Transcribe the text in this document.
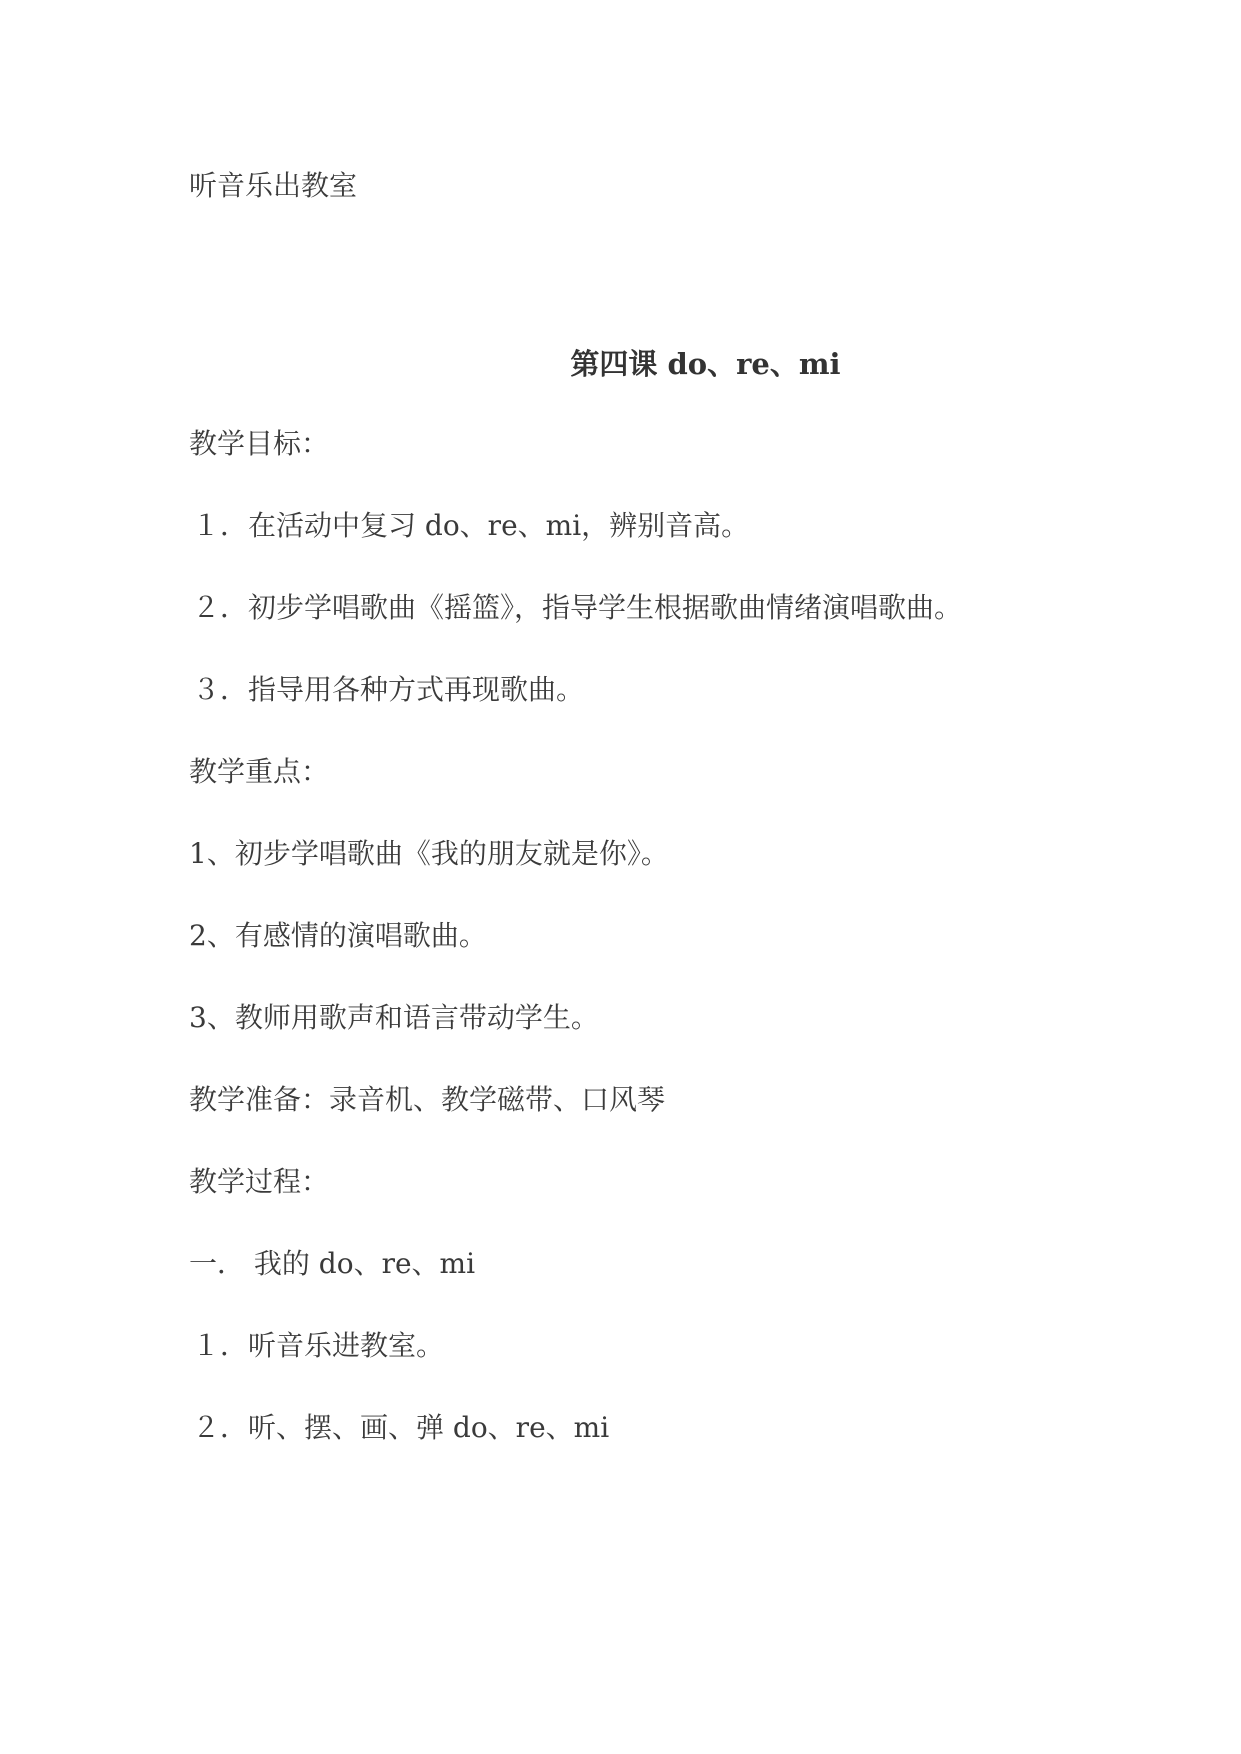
听音乐出教室
第四课 do、re、mi
教学目标：
１．在活动中复习 do、re、mi，辨别音高。
２．初步学唱歌曲《摇篮》，指导学生根据歌曲情绪演唱歌曲。
３．指导用各种方式再现歌曲。
教学重点：
1、初步学唱歌曲《我的朋友就是你》。
2、有感情的演唱歌曲。
3、教师用歌声和语言带动学生。
教学准备：录音机、教学磁带、口风琴
教学过程：
一． 我的 do、re、mi
１．听音乐进教室。
２．听、摆、画、弹 do、re、mi
